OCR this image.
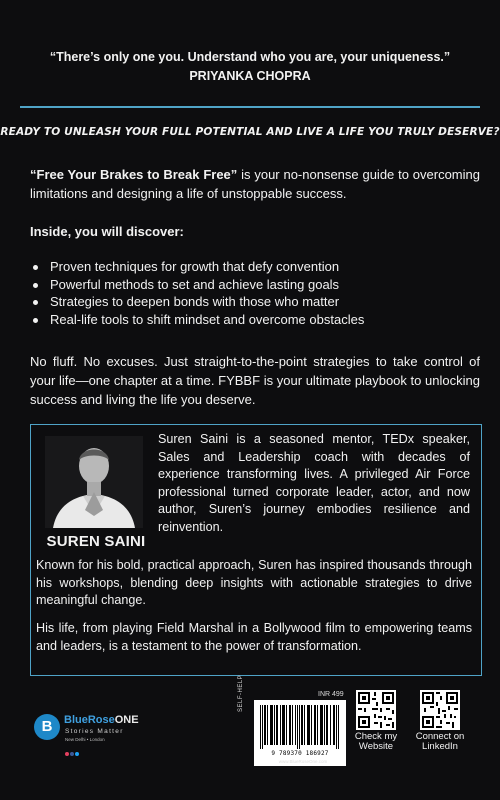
“There’s only one you. Understand who you are, your uniqueness.”
PRIYANKA CHOPRA
READY TO UNLEASH YOUR FULL POTENTIAL AND LIVE A LIFE YOU TRULY DESERVE?
“Free Your Brakes to Break Free” is your no-nonsense guide to overcoming limitations and designing a life of unstoppable success.
Inside, you will discover:
Proven techniques for growth that defy convention
Powerful methods to set and achieve lasting goals
Strategies to deepen bonds with those who matter
Real-life tools to shift mindset and overcome obstacles
No fluff. No excuses. Just straight-to-the-point strategies to take control of your life—one chapter at a time. FYBBF is your ultimate playbook to unlocking success and living the life you deserve.
SUREN SAINI
Suren Saini is a seasoned mentor, TEDx speaker, Sales and Leadership coach with decades of experience transforming lives. A privileged Air Force professional turned corporate leader, actor, and now author, Suren’s journey embodies resilience and reinvention.
Known for his bold, practical approach, Suren has inspired thousands through his workshops, blending deep insights with actionable strategies to drive meaningful change.
His life, from playing Field Marshal in a Bollywood film to empowering teams and leaders, is a testament to the power of transformation.
B	BlueRoseONE
Stories Matter
New Delhi • London
INR 499
SELF-HELP
9 789370 186927
www.BlueRoseOne.com
Check my Website
Connect on LinkedIn
